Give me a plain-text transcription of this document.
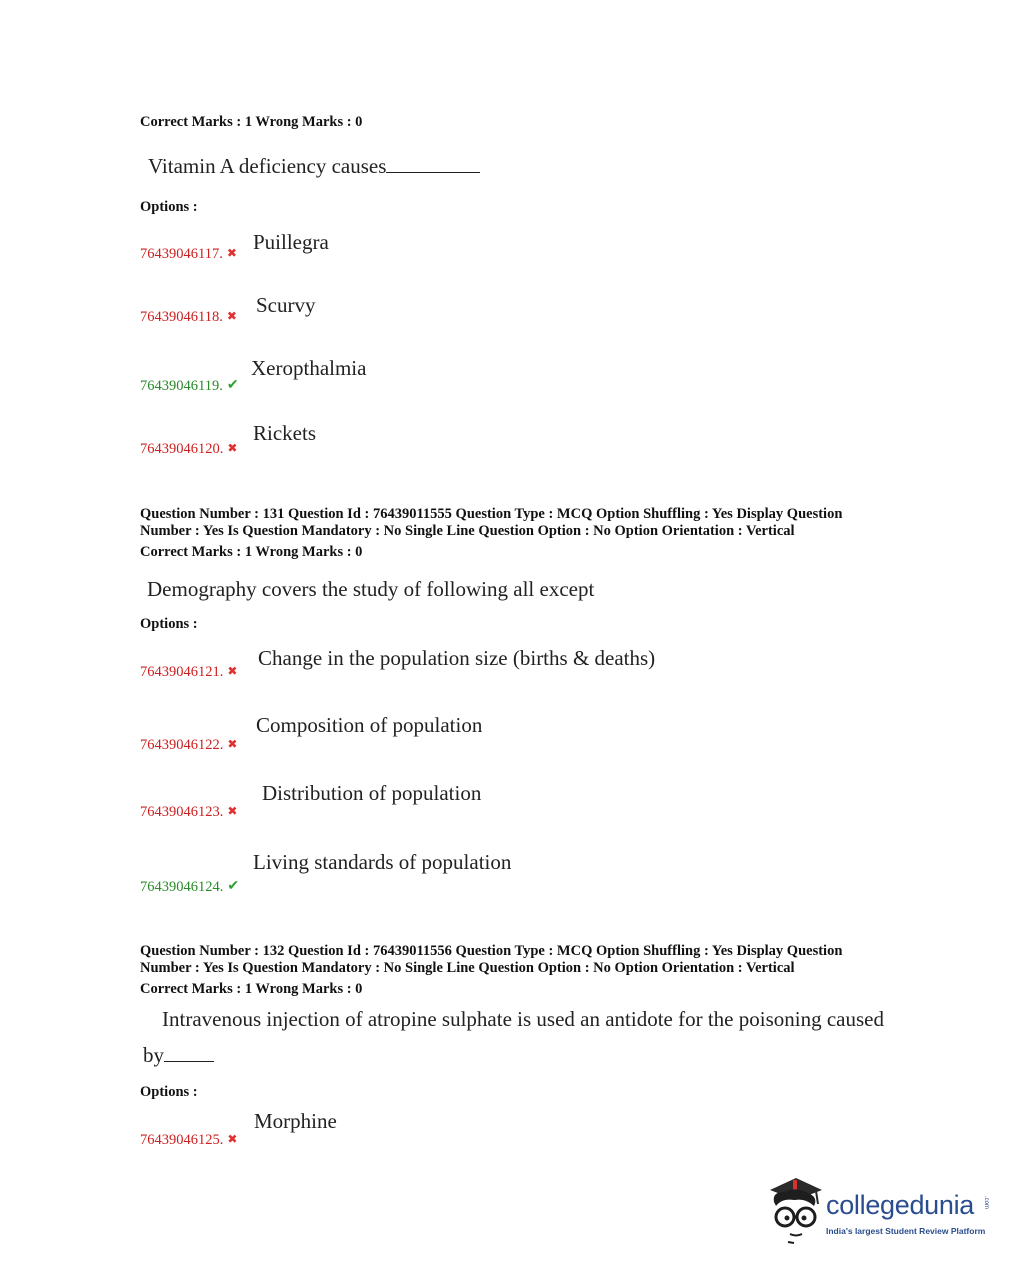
Correct Marks : 1 Wrong Marks : 0
Vitamin A deficiency causes
Options :
76439046117. ✖ Puillegra
76439046118. ✖ Scurvy
76439046119. ✔
Xeropthalmia
76439046120. ✖
Rickets
Question Number : 131 Question Id : 76439011555 Question Type : MCQ Option Shuffling : Yes Display Question
Number : Yes Is Question Mandatory : No Single Line Question Option : No Option Orientation : Vertical
Correct Marks : 1 Wrong Marks : 0
Demography covers the study of following all except
Options :
76439046121. ✖
Change in the population size (births & deaths)
76439046122. ✖
Composition of population
76439046123. ✖
Distribution of population
76439046124. ✔
Living standards of population
Question Number : 132 Question Id : 76439011556 Question Type : MCQ Option Shuffling : Yes Display Question
Number : Yes Is Question Mandatory : No Single Line Question Option : No Option Orientation : Vertical
Correct Marks : 1 Wrong Marks : 0
Intravenous injection of atropine sulphate is used an antidote for the poisoning caused
by
Options :
76439046125. ✖
Morphine
collegedunia .com
India's largest Student Review Platform
